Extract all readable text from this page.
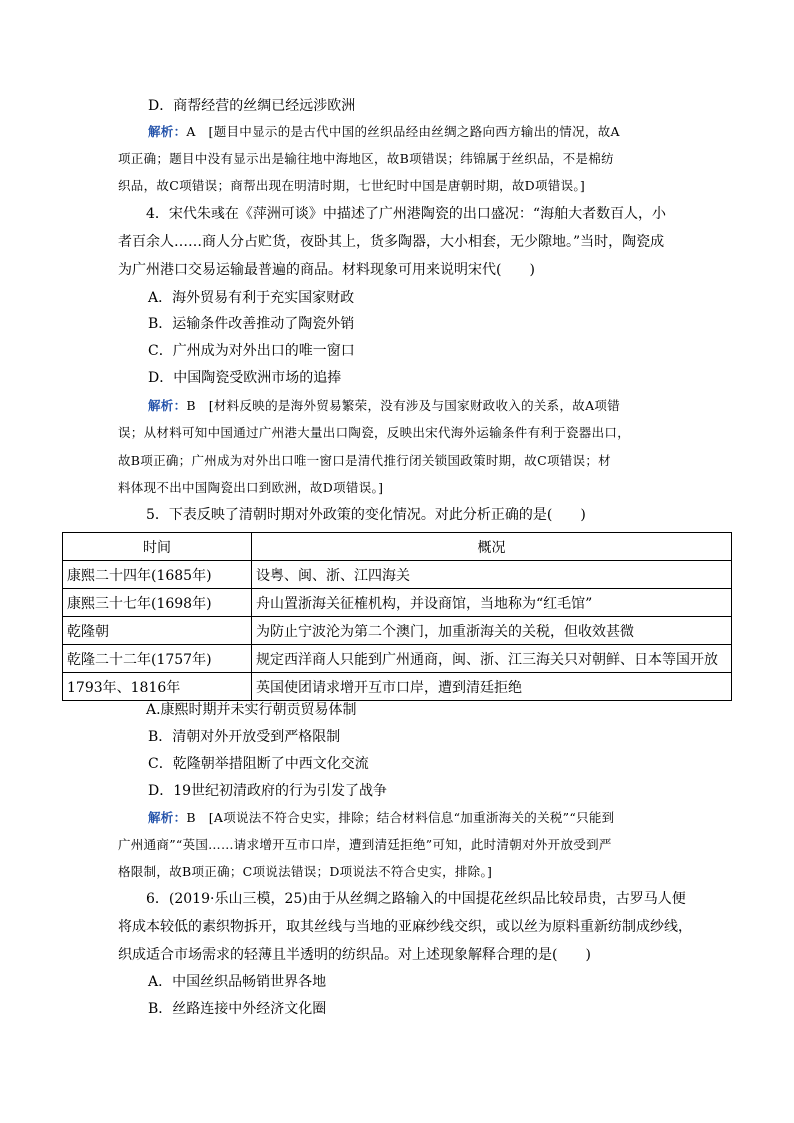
D．商帮经营的丝绸已经远涉欧洲
解析：A　[题目中显示的是古代中国的丝织品经由丝绸之路向西方输出的情况，故A
项正确；题目中没有显示出是输往地中海地区，故B项错误；纬锦属于丝织品，不是棉纺
织品，故C项错误；商帮出现在明清时期，七世纪时中国是唐朝时期，故D项错误。]
4．宋代朱彧在《萍洲可谈》中描述了广州港陶瓷的出口盛况：“海舶大者数百人，小
者百余人……商人分占贮货，夜卧其上，货多陶器，大小相套，无少隙地。”当时，陶瓷成
为广州港口交易运输最普遍的商品。材料现象可用来说明宋代(　　)
A．海外贸易有利于充实国家财政
B．运输条件改善推动了陶瓷外销
C．广州成为对外出口的唯一窗口
D．中国陶瓷受欧洲市场的追捧
解析：B　[材料反映的是海外贸易繁荣，没有涉及与国家财政收入的关系，故A项错
误；从材料可知中国通过广州港大量出口陶瓷，反映出宋代海外运输条件有利于瓷器出口，
故B项正确；广州成为对外出口唯一窗口是清代推行闭关锁国政策时期，故C项错误；材
料体现不出中国陶瓷出口到欧洲，故D项错误。]
5．下表反映了清朝时期对外政策的变化情况。对此分析正确的是(　　)
时间	概况
康熙二十四年(1685年)	设粤、闽、浙、江四海关
康熙三十七年(1698年)	舟山置浙海关征榷机构，并设商馆，当地称为“红毛馆”
乾隆朝	为防止宁波沦为第二个澳门，加重浙海关的关税，但收效甚微
乾隆二十二年(1757年)	规定西洋商人只能到广州通商，闽、浙、江三海关只对朝鲜、日本等国开放
1793年、1816年	英国使团请求增开互市口岸，遭到清廷拒绝
A.康熙时期并未实行朝贡贸易体制
B．清朝对外开放受到严格限制
C．乾隆朝举措阻断了中西文化交流
D．19世纪初清政府的行为引发了战争
解析：B　[A项说法不符合史实，排除；结合材料信息“加重浙海关的关税”“只能到
广州通商”“英国……请求增开互市口岸，遭到清廷拒绝”可知，此时清朝对外开放受到严
格限制，故B项正确；C项说法错误；D项说法不符合史实，排除。]
6．(2019·乐山三模，25)由于从丝绸之路输入的中国提花丝织品比较昂贵，古罗马人便
将成本较低的素织物拆开，取其丝线与当地的亚麻纱线交织，或以丝为原料重新纺制成纱线，
织成适合市场需求的轻薄且半透明的纺织品。对上述现象解释合理的是(　　)
A．中国丝织品畅销世界各地
B．丝路连接中外经济文化圈
